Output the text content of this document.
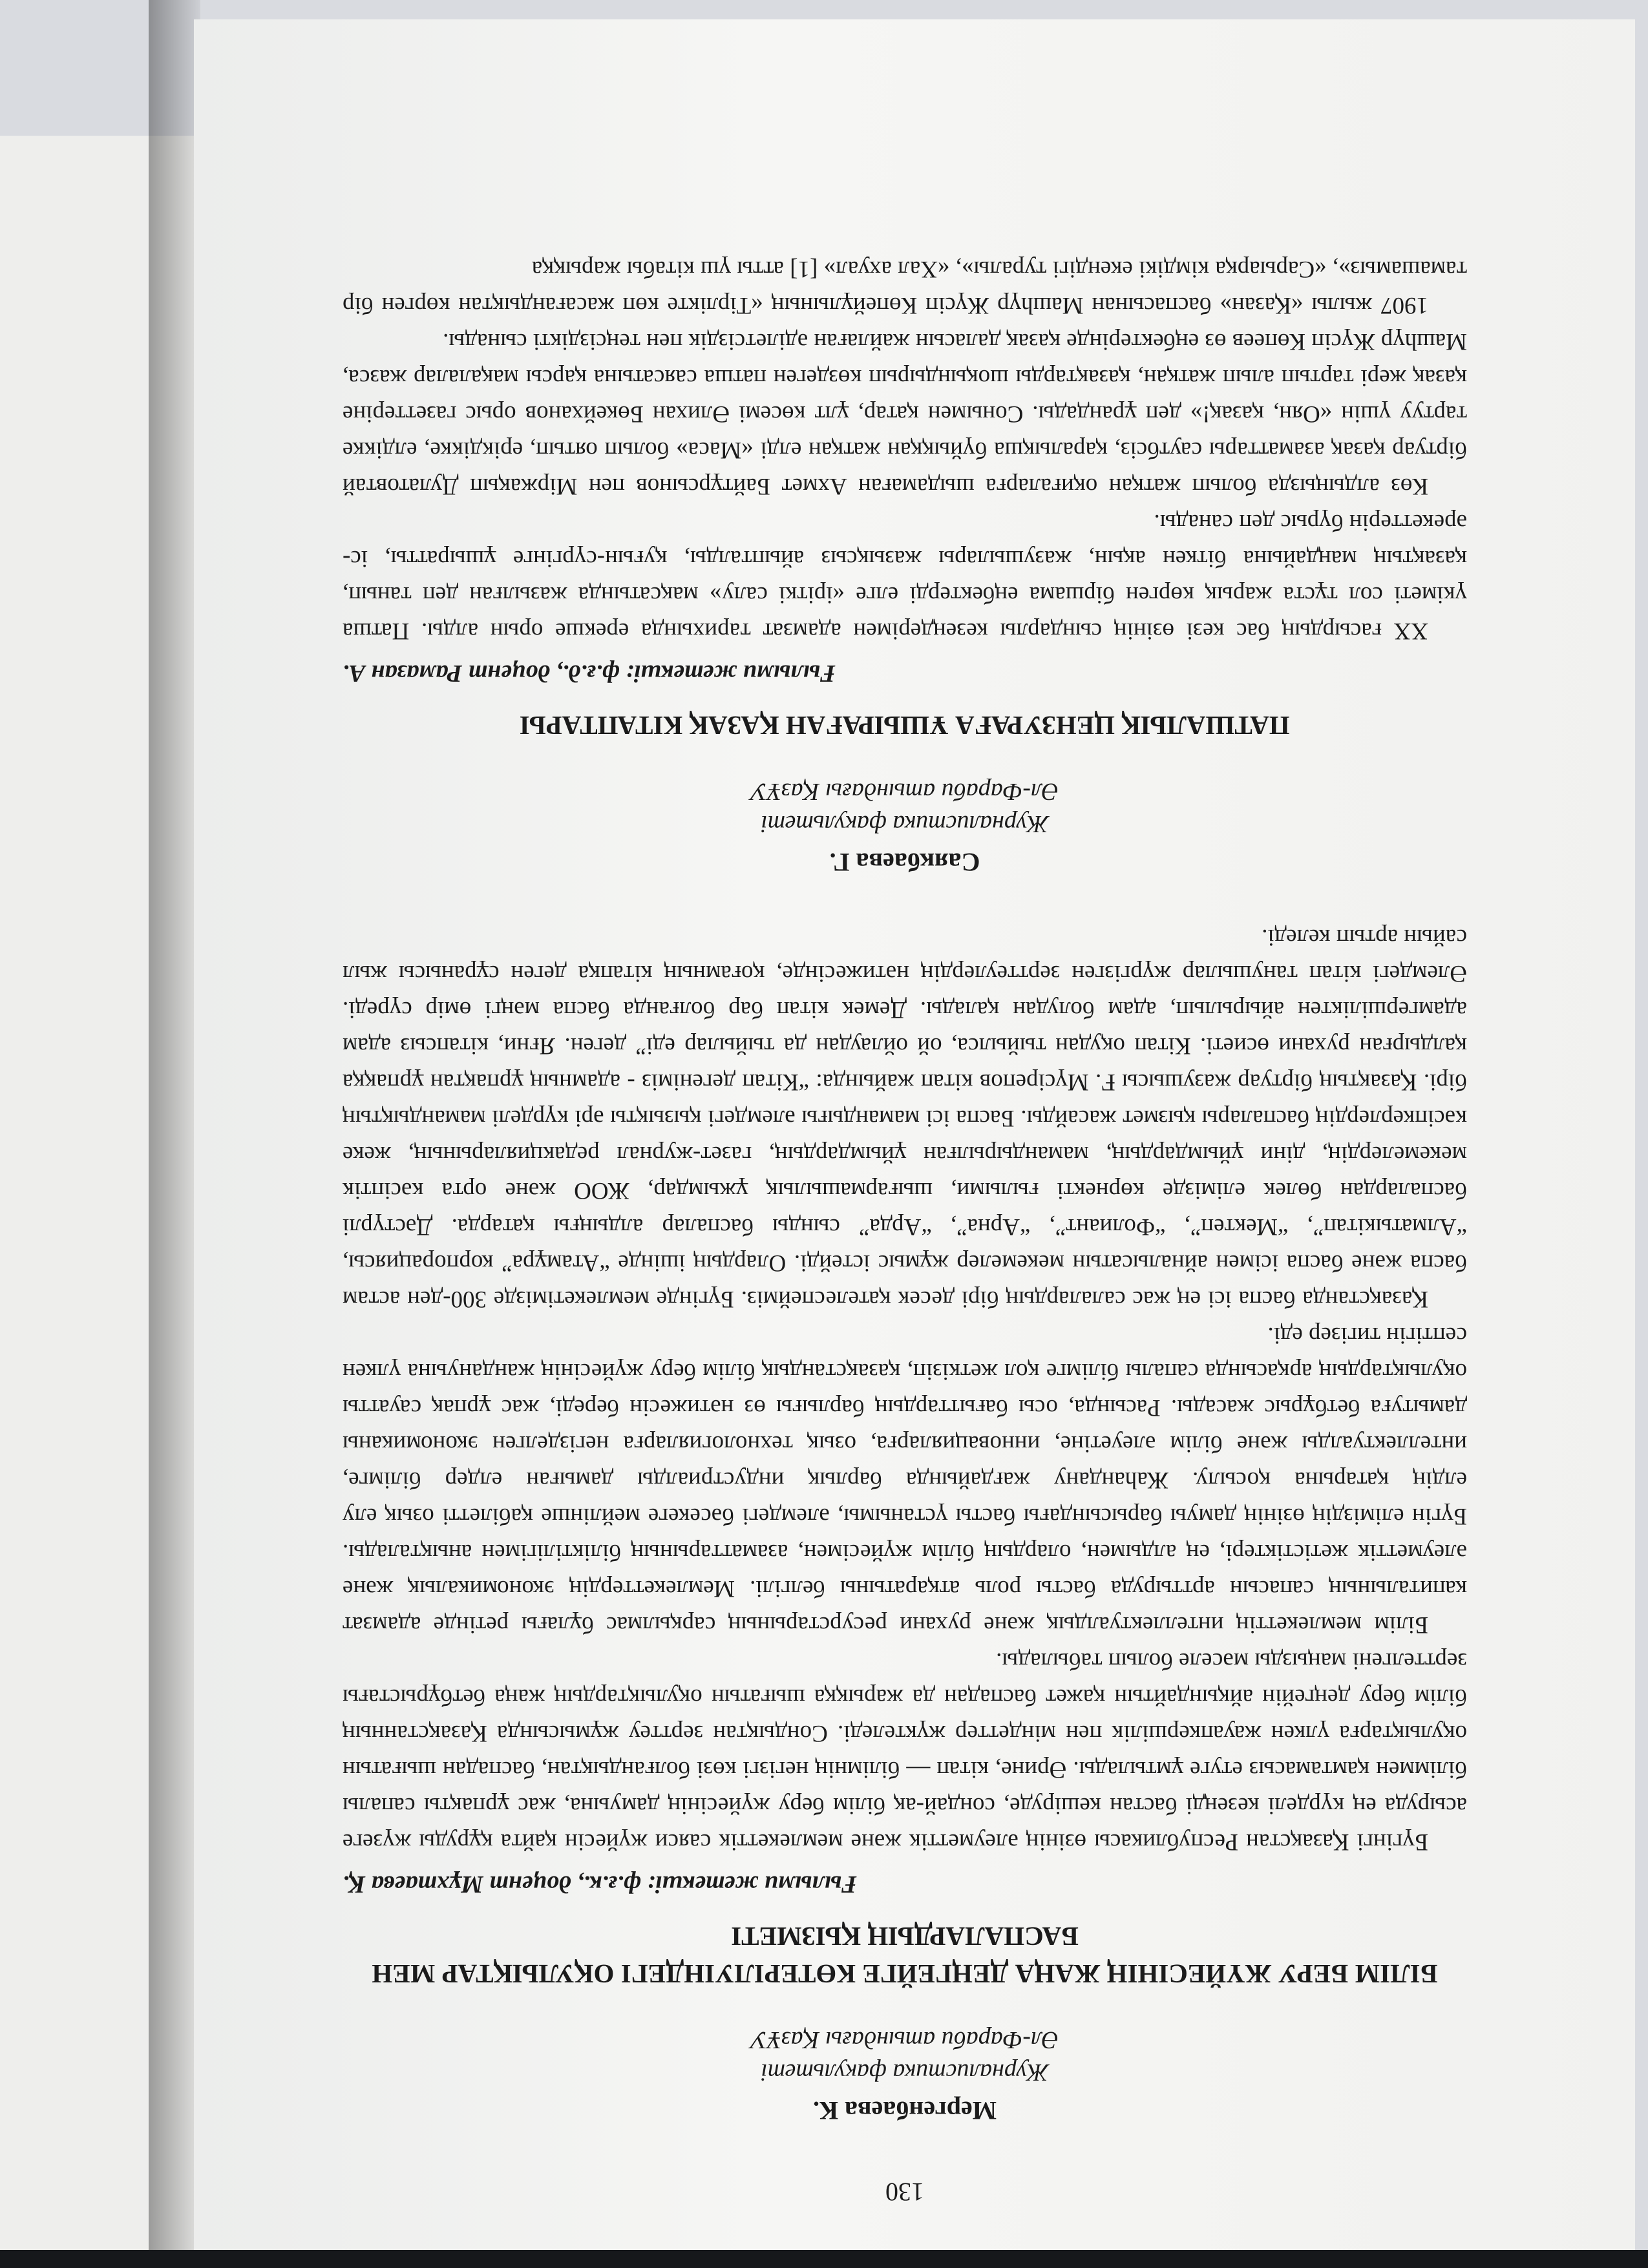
130
Мергенбаева К.
Журналистика факультеті
Әл-Фараби атындағы ҚазҰУ
БІЛІМ БЕРУ ЖҮЙЕСІНІҢ ЖАҢА ДЕҢГЕЙГЕ КӨТЕРІЛУІНДЕГІ ОҚУЛЫҚТАР МЕН БАСПАЛАРДЫҢ ҚЫЗМЕТІ
Ғылыми жетекші: ф.ғ.к., доцент Мұхтаева Қ.

Бүгінгі Қазақстан Республикасы өзінің әлеуметтік және мемлекеттік саяси жүйесін қайта құруды жүзеге асыруда ең күрделі кезеңді бастан кешіруде, сондай-ақ білім беру жүйесінің дамуына, жас ұрпақты сапалы біліммен қамтамасыз етуге ұмтылады. Әрине, кітап — білімнің негізгі көзі болғандықтан, баспадан шығатын оқулықтарға үлкен жауапкершілік пен міндеттер жүктеледі. Сондықтан зерттеу жұмысында Қазақстанның білім беру деңгейін айқындайтын қажет баспадан да жарыққа шығатын оқулықтардың жаңа бетбұрыстағы зерттелгені маңызды мәселе болып табылады.

Білім мемлекеттің интеллектуалдық және рухани ресурстарының сарқылмас бұлағы ретінде адамзат капиталының сапасын арттыруда басты роль атқаратыны белгілі. Мемлекеттердің экономикалық және әлеуметтік жетістіктері, ең алдымен, олардың білім жүйесімен, азаматтарының біліктілігімен анықталады. Бүгін еліміздің өзінің дамуы барысындағы басты үстанымы, әлемдегі бәсекеге мейлінше қабілетті озық елу елдің қатарына қосылу. Жаһандану жағдайында барлық индустриалды дамыған елдер білімге, интеллектуалды және білім әлеуетіне, инновацияларға, озық технологияларға негізделген экономиканы дамытуға бетбұрыс жасады. Расында, осы бағыттардың барлығы өз нәтижесін береді, жас ұрпақ сауатты оқулықтардың арқасында сапалы білімге қол жеткізіп, қазақстандық білім беру жүйесінің жандануына үлкен септігін тигізер еді.

Қазақстанда баспа ісі ең жас салалардың бірі десек қателеспейміз. Бүгінде мемлекетімізде 300-ден астам баспа және баспа ісімен айналысатын мекемелер жұмыс істейді. Олардың ішінде “Атамұра” корпорациясы, “Алматыкітап”, “Мектеп”, “Фолиант”, “Арна”, “Арда” сынды баспалар алдыңғы қатарда. Дәстүрлі баспалардан бөлек елімізде көрнекті ғылыми, шығармашылық ұжымдар, ЖОО және орта кәсіптік мекемелердің, діни ұйымдардың, мамандырылған ұйымдардың, газет-журнал редакцияларының, жеке кәсіпкерлердің баспалары қызмет жасайды. Баспа ісі мамандығы әлемдегі қызықты әрі күрделі мамандықтың бірі. Қазақтың біртуар жазушысы Ғ. Мүсірепов кітап жайында: “Кітап дегеніміз - адамның ұрпақтан ұрпаққа қалдырған рухани өсиеті. Кітап оқудан тыйылса, ой ойлаудан да тыйылар еді” деген. Яғни, кітапсыз адам адамгершіліктен айырылып, адам болудан қалады. Демек кітап бар болғанда баспа мәңгі өмір сүреді. Әлемдегі кітап танушылар жүргізген зерттеулердің нәтижесінде, қоғамның кітапқа деген сұранысы жыл сайын артып келеді.

Саякбаева Г.
Журналистика факультеті
Әл-Фараби атындағы ҚазҰУ
ПАТШАЛЫҚ ЦЕНЗУРАҒА ҰШЫРАҒАН ҚАЗАҚ КІТАПТАРЫ
Ғылыми жетекші: ф.ғ.д., доцент Рамазан А.

XX ғасырдың бас кезі өзінің сындарлы кезеңдерімен адамзат тарихында ерекше орын алды. Патша үкіметі сол тұста жарық көрген біршама еңбектерді елге «іріткі салу» мақсатында жазылған деп танып, қазақтың маңдайына біткен ақын, жазушылары жазықсыз айыпталды, қуғын-сүргінге ұшыратты, іс-әрекеттерін бүрыс деп санады.

Көз алдыңызда болып жатқан оқиғаларға шыдамаған Ахмет Байтұрсынов пен Міржақып Дулатовтай біртуар қазақ азаматтары саутбсіз, қаралықша бүйыққан жатқан елді «Маса» болып оятып, ерікдікке, елдікке тартуу үшін «Оян, қазақ!» деп ұрандады. Сонымен қатар, ұлт көсемі Әлихан Бөкейханов орыс газеттеріне қазақ жері тартып алып жатқан, қазақтарды шоқындырып көздеген патша саясатына қарсы мақалалар жазса, Машһүр Жүсіп Көпеев өз еңбектерінде қазақ даласын жайлаған әділетсіздік пен теңсіздікті сынады.

1907 жылы «Қазан» баспасынан Машһүр Жүсіп Көпейұлының «Тірлікте көп жасағандықтан көрген бір тамашамыз», «Сарыарқа кімдікі екендігі туралы», «Хал ахуал» [1] атты үш кітабы жарыққа
